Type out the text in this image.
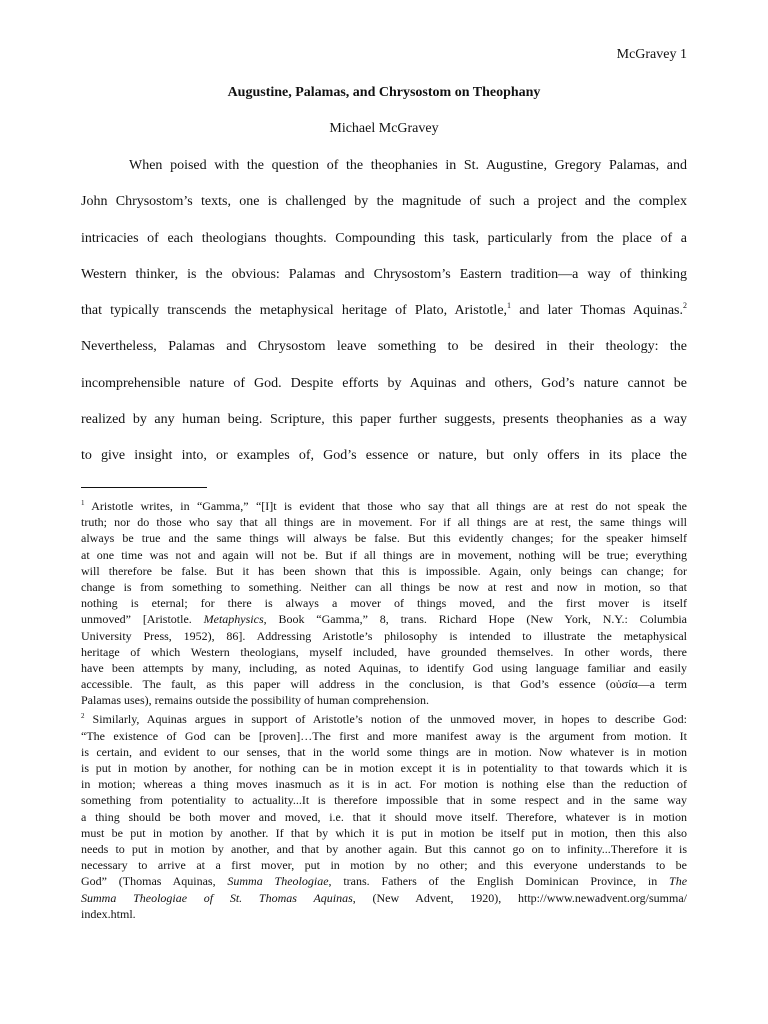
McGravey 1
Augustine, Palamas, and Chrysostom on Theophany
Michael McGravey
When poised with the question of the theophanies in St. Augustine, Gregory Palamas, and
John Chrysostom’s texts, one is challenged by the magnitude of such a project and the complex
intricacies of each theologians thoughts. Compounding this task, particularly from the place of a
Western thinker, is the obvious: Palamas and Chrysostom’s Eastern tradition—a way of thinking
that typically transcends the metaphysical heritage of Plato, Aristotle,$^1$ and later Thomas Aquinas.$^2$
Nevertheless, Palamas and Chrysostom leave something to be desired in their theology: the
incomprehensible nature of God. Despite efforts by Aquinas and others, God’s nature cannot be
realized by any human being. Scripture, this paper further suggests, presents theophanies as a way
to give insight into, or examples of, God’s essence or nature, but only offers in its place the
$^1$ Aristotle writes, in “Gamma,” “[I]t is evident that those who say that all things are at rest do not speak the
truth; nor do those who say that all things are in movement. For if all things are at rest, the same things will
always be true and the same things will always be false. But this evidently changes; for the speaker himself
at one time was not and again will not be. But if all things are in movement, nothing will be true; everything
will therefore be false. But it has been shown that this is impossible. Again, only beings can change; for
change is from something to something. Neither can all things be now at rest and now in motion, so that
nothing is eternal; for there is always a mover of things moved, and the first mover is itself
unmoved” [Aristotle. Metaphysics, Book “Gamma,” 8, trans. Richard Hope (New York, N.Y.: Columbia
University Press, 1952), 86]. Addressing Aristotle’s philosophy is intended to illustrate the metaphysical
heritage of which Western theologians, myself included, have grounded themselves. In other words, there
have been attempts by many, including, as noted Aquinas, to identify God using language familiar and easily
accessible. The fault, as this paper will address in the conclusion, is that God’s essence (οὐσία—a term
Palamas uses), remains outside the possibility of human comprehension.
$^2$ Similarly, Aquinas argues in support of Aristotle’s notion of the unmoved mover, in hopes to describe God:
“The existence of God can be [proven]…The first and more manifest away is the argument from motion. It
is certain, and evident to our senses, that in the world some things are in motion. Now whatever is in motion
is put in motion by another, for nothing can be in motion except it is in potentiality to that towards which it is
in motion; whereas a thing moves inasmuch as it is in act. For motion is nothing else than the reduction of
something from potentiality to actuality...It is therefore impossible that in some respect and in the same way
a thing should be both mover and moved, i.e. that it should move itself. Therefore, whatever is in motion
must be put in motion by another. If that by which it is put in motion be itself put in motion, then this also
needs to put in motion by another, and that by another again. But this cannot go on to infinity...Therefore it is
necessary to arrive at a first mover, put in motion by no other; and this everyone understands to be
God” (Thomas Aquinas, Summa Theologiae, trans. Fathers of the English Dominican Province, in The
Summa Theologiae of St. Thomas Aquinas, (New Advent, 1920), http://www.newadvent.org/summa/
index.html.
